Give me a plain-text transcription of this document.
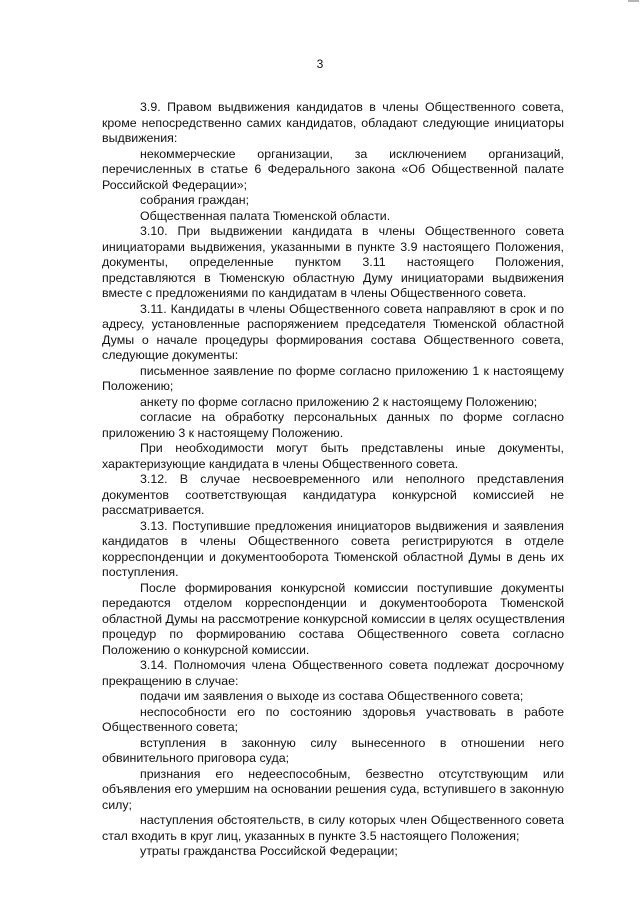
3
3.9. Правом выдвижения кандидатов в члены Общественного совета,
кроме непосредственно самих кандидатов, обладают следующие инициаторы
выдвижения:
некоммерческие организации, за исключением организаций,
перечисленных в статье 6 Федерального закона «Об Общественной палате
Российской Федерации»;
собрания граждан;
Общественная палата Тюменской области.
3.10. При выдвижении кандидата в члены Общественного совета
инициаторами выдвижения, указанными в пункте 3.9 настоящего Положения,
документы, определенные пунктом 3.11 настоящего Положения,
представляются в Тюменскую областную Думу инициаторами выдвижения
вместе с предложениями по кандидатам в члены Общественного совета.
3.11. Кандидаты в члены Общественного совета направляют в срок и по
адресу, установленные распоряжением председателя Тюменской областной
Думы о начале процедуры формирования состава Общественного совета,
следующие документы:
письменное заявление по форме согласно приложению 1 к настоящему
Положению;
анкету по форме согласно приложению 2 к настоящему Положению;
согласие на обработку персональных данных по форме согласно
приложению 3 к настоящему Положению.
При необходимости могут быть представлены иные документы,
характеризующие кандидата в члены Общественного совета.
3.12. В случае несвоевременного или неполного представления
документов соответствующая кандидатура конкурсной комиссией не
рассматривается.
3.13. Поступившие предложения инициаторов выдвижения и заявления
кандидатов в члены Общественного совета регистрируются в отделе
корреспонденции и документооборота Тюменской областной Думы в день их
поступления.
После формирования конкурсной комиссии поступившие документы
передаются отделом корреспонденции и документооборота Тюменской
областной Думы на рассмотрение конкурсной комиссии в целях осуществления
процедур по формированию состава Общественного совета согласно
Положению о конкурсной комиссии.
3.14. Полномочия члена Общественного совета подлежат досрочному
прекращению в случае:
подачи им заявления о выходе из состава Общественного совета;
неспособности его по состоянию здоровья участвовать в работе
Общественного совета;
вступления в законную силу вынесенного в отношении него
обвинительного приговора суда;
признания его недееспособным, безвестно отсутствующим или
объявления его умершим на основании решения суда, вступившего в законную
силу;
наступления обстоятельств, в силу которых член Общественного совета
стал входить в круг лиц, указанных в пункте 3.5 настоящего Положения;
утраты гражданства Российской Федерации;
